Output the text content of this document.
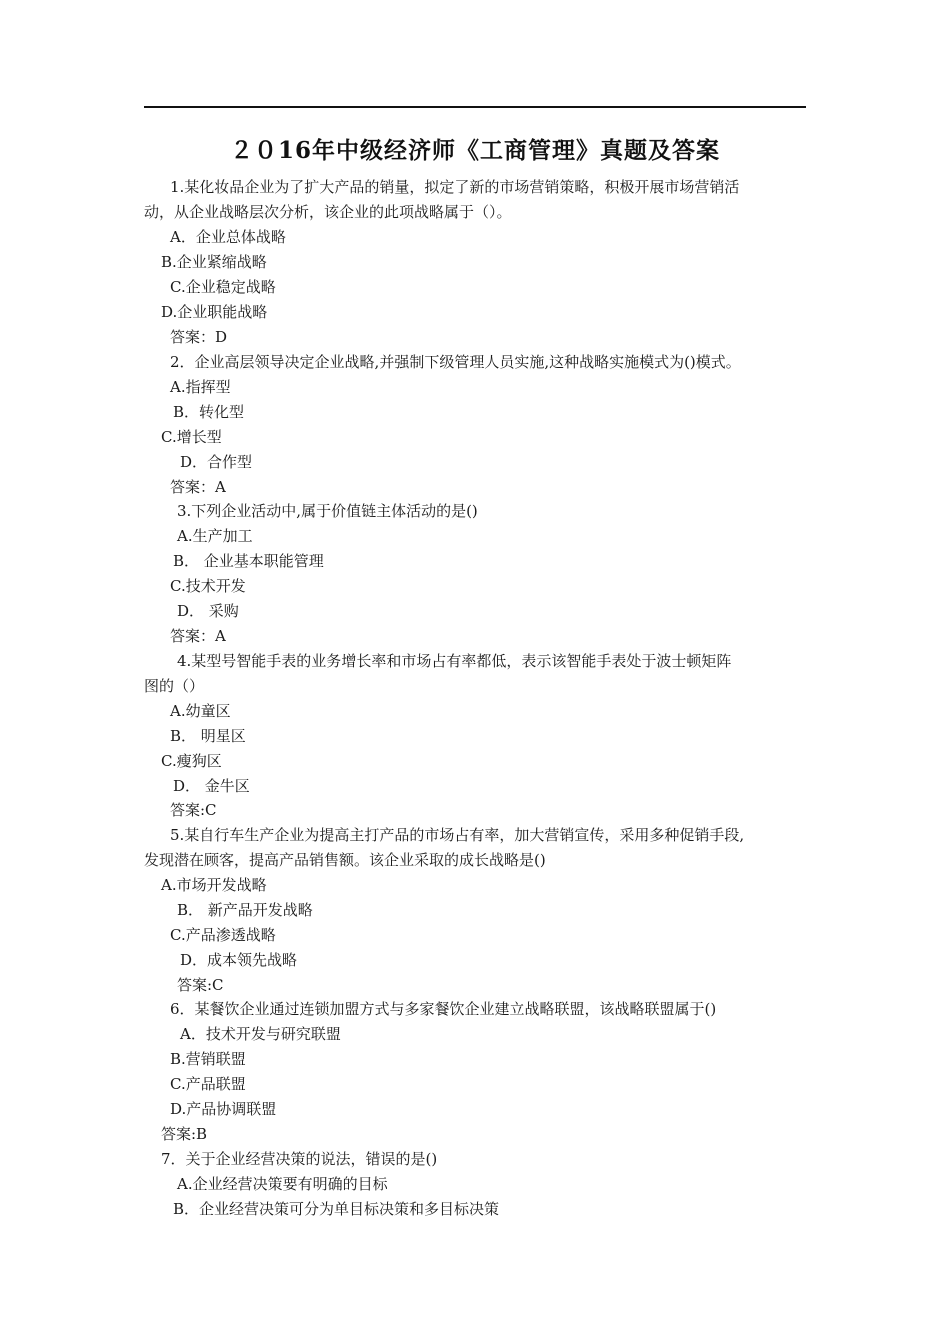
２０16年中级经济师《工商管理》真题及答案
1.某化妆品企业为了扩大产品的销量，拟定了新的市场营销策略，积极开展市场营销活
动，从企业战略层次分析，该企业的此项战略属于（）。
A．企业总体战略
B.企业紧缩战略
C.企业稳定战略
D.企业职能战略
答案：D
2．企业高层领导决定企业战略,并强制下级管理人员实施,这种战略实施模式为()模式。
A.指挥型
B．转化型
C.增长型
D．合作型
答案：A
3.下列企业活动中,属于价值链主体活动的是()
A.生产加工
B． 企业基本职能管理
C.技术开发
D． 采购
答案：A
4.某型号智能手表的业务增长率和市场占有率都低，表示该智能手表处于波士顿矩阵
图的（）
A.幼童区
B． 明星区
C.瘦狗区
D． 金牛区
答案:C
5.某自行车生产企业为提高主打产品的市场占有率，加大营销宣传，采用多种促销手段,
发现潜在顾客，提高产品销售额。该企业采取的成长战略是()
A.市场开发战略
B． 新产品开发战略
C.产品渗透战略
D．成本领先战略
答案:C
6．某餐饮企业通过连锁加盟方式与多家餐饮企业建立战略联盟，该战略联盟属于()
A．技术开发与研究联盟
B.营销联盟
C.产品联盟
D.产品协调联盟
答案:B
7．关于企业经营决策的说法，错误的是()
A.企业经营决策要有明确的目标
B．企业经营决策可分为单目标决策和多目标决策
